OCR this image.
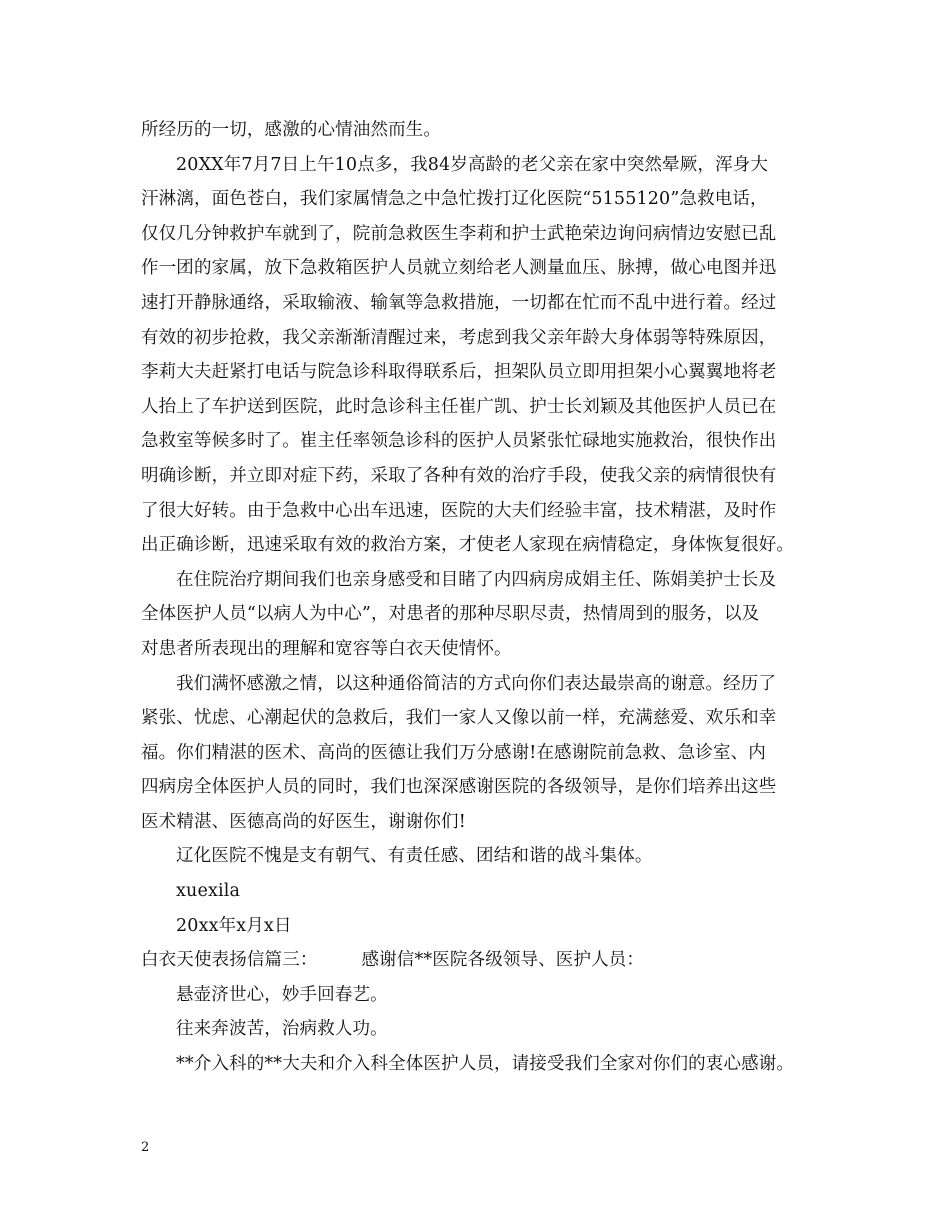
所经历的一切，感激的心情油然而生。
20XX年7月7日上午10点多，我84岁高龄的老父亲在家中突然晕厥，浑身大
汗淋漓，面色苍白，我们家属情急之中急忙拨打辽化医院“5155120”急救电话，
仅仅几分钟救护车就到了，院前急救医生李莉和护士武艳荣边询问病情边安慰已乱
作一团的家属，放下急救箱医护人员就立刻给老人测量血压、脉搏，做心电图并迅
速打开静脉通络，采取输液、输氧等急救措施，一切都在忙而不乱中进行着。经过
有效的初步抢救，我父亲渐渐清醒过来，考虑到我父亲年龄大身体弱等特殊原因，
李莉大夫赶紧打电话与院急诊科取得联系后，担架队员立即用担架小心翼翼地将老
人抬上了车护送到医院，此时急诊科主任崔广凯、护士长刘颖及其他医护人员已在
急救室等候多时了。崔主任率领急诊科的医护人员紧张忙碌地实施救治，很快作出
明确诊断，并立即对症下药，采取了各种有效的治疗手段，使我父亲的病情很快有
了很大好转。由于急救中心出车迅速，医院的大夫们经验丰富，技术精湛，及时作
出正确诊断，迅速采取有效的救治方案，才使老人家现在病情稳定，身体恢复很好。
在住院治疗期间我们也亲身感受和目睹了内四病房成娟主任、陈娟美护士长及
全体医护人员“以病人为中心”，对患者的那种尽职尽责，热情周到的服务，以及
对患者所表现出的理解和宽容等白衣天使情怀。
我们满怀感激之情，以这种通俗简洁的方式向你们表达最崇高的谢意。经历了
紧张、忧虑、心潮起伏的急救后，我们一家人又像以前一样，充满慈爱、欢乐和幸
福。你们精湛的医术、高尚的医德让我们万分感谢!在感谢院前急救、急诊室、内
四病房全体医护人员的同时，我们也深深感谢医院的各级领导，是你们培养出这些
医术精湛、医德高尚的好医生，谢谢你们!
辽化医院不愧是支有朝气、有责任感、团结和谐的战斗集体。
xuexila
20xx年x月x日
白衣天使表扬信篇三：	感谢信**医院各级领导、医护人员：
悬壶济世心，妙手回春艺。
往来奔波苦，治病救人功。
**介入科的**大夫和介入科全体医护人员，请接受我们全家对你们的衷心感谢。
2
